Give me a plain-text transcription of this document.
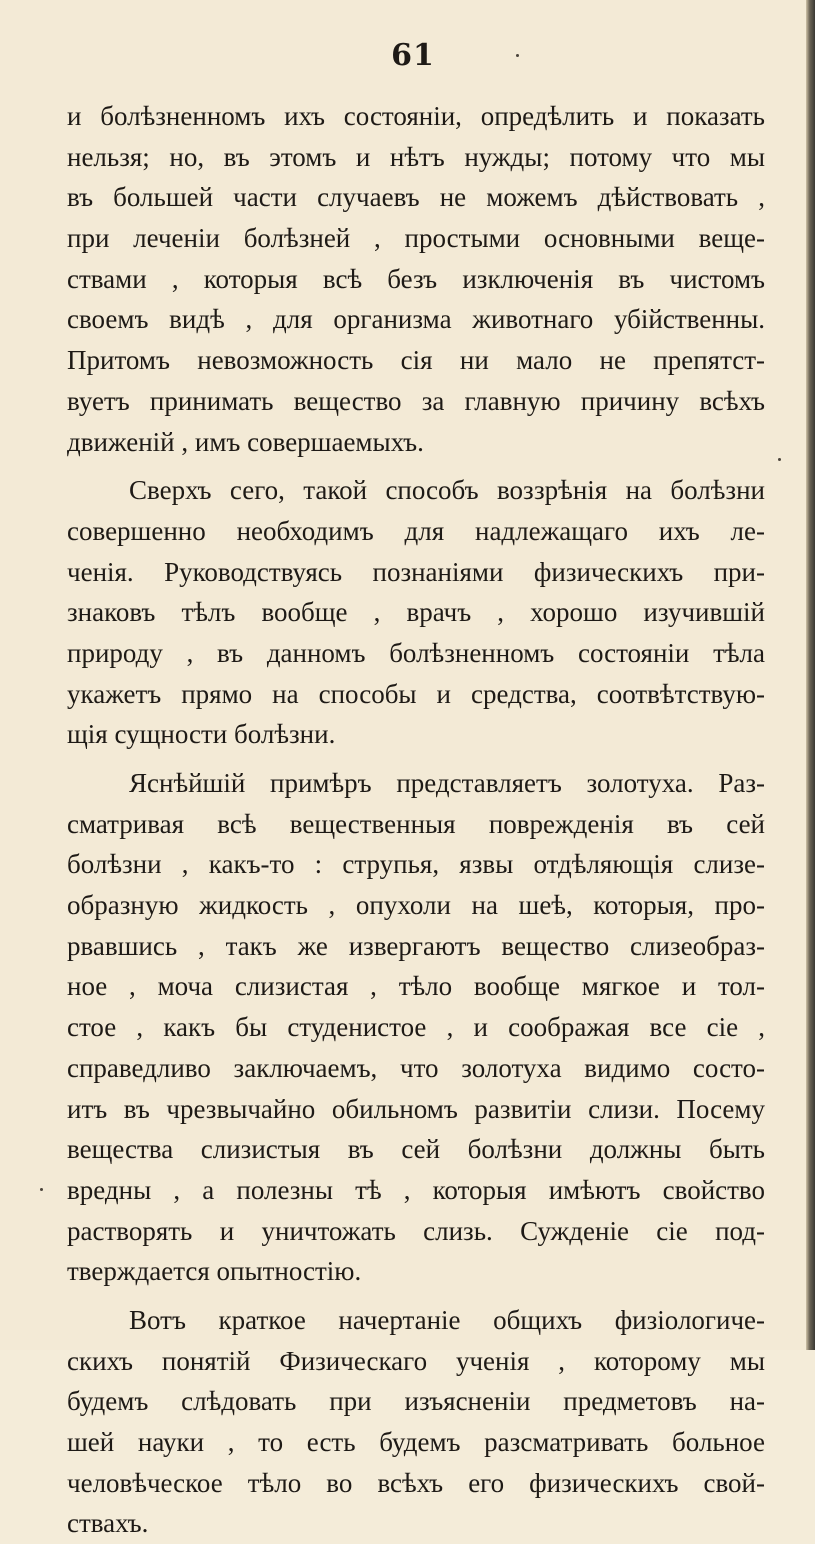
61
и болѣзненномъ ихъ состояніи, опредѣлить и показать
нельзя; но, въ этомъ и нѣтъ нужды; потому что мы
въ большей части случаевъ не можемъ дѣйствовать ,
при леченіи болѣзней , простыми основными веще-
ствами , которыя всѣ безъ изключенія въ чистомъ
своемъ видѣ , для организма животнаго убійственны.
Притомъ невозможность сія ни мало не препятст-
вуетъ принимать вещество за главную причину всѣхъ
движеній , имъ совершаемыхъ.
Сверхъ сего, такой способъ воззрѣнія на болѣзни
совершенно необходимъ для надлежащаго ихъ ле-
ченія. Руководствуясь познаніями физическихъ при-
знаковъ тѣлъ вообще , врачъ , хорошо изучившій
природу , въ данномъ болѣзненномъ состояніи тѣла
укажетъ прямо на способы и средства, соотвѣтствую-
щія сущности болѣзни.
Яснѣйшій примѣръ представляетъ золотуха. Раз-
сматривая всѣ вещественныя поврежденія въ сей
болѣзни , какъ-то : струпья, язвы отдѣляющія слизе-
образную жидкость , опухоли на шеѣ, которыя, про-
рвавшись , такъ же извергаютъ вещество слизеобраз-
ное , моча слизистая , тѣло вообще мягкое и тол-
стое , какъ бы студенистое , и соображая все сіе ,
справедливо заключаемъ, что золотуха видимо состо-
итъ въ чрезвычайно обильномъ развитіи слизи. Посему
вещества слизистыя въ сей болѣзни должны быть
вредны , а полезны тѣ , которыя имѣютъ свойство
растворять и уничтожать слизь. Сужденіе сіе под-
тверждается опытностію.
Вотъ краткое начертаніе общихъ физіологиче-
скихъ понятій Физическаго ученія , которому мы
будемъ слѣдовать при изъясненіи предметовъ на-
шей науки , то есть будемъ разсматривать больное
человѣческое тѣло во всѣхъ его физическихъ свой-
ствахъ.
